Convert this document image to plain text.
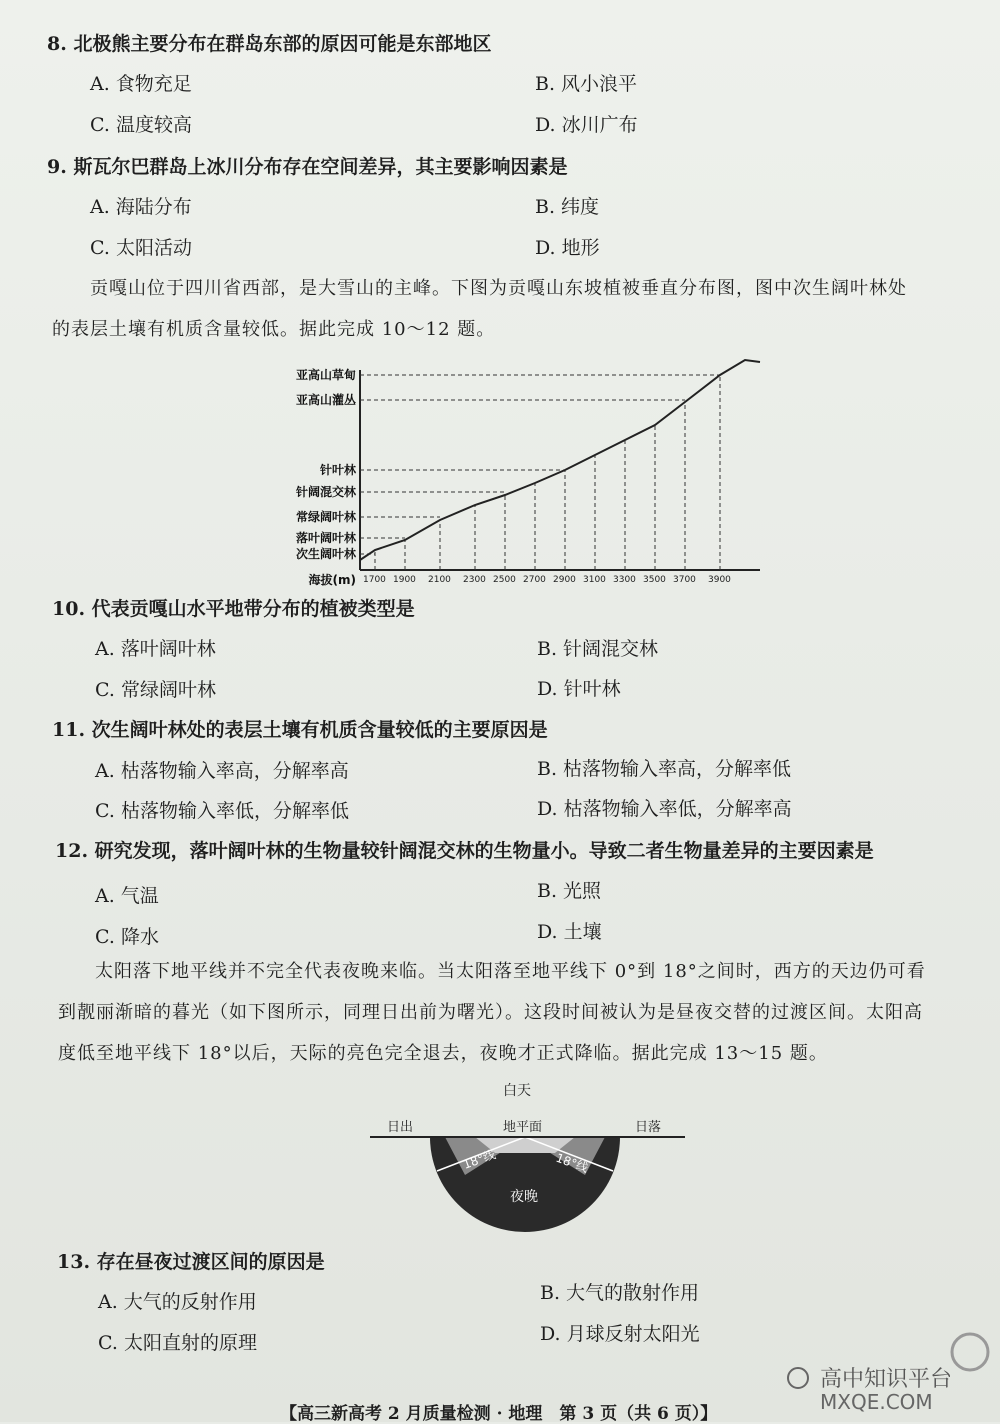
8. 北极熊主要分布在群岛东部的原因可能是东部地区
A. 食物充足	B. 风小浪平
C. 温度较高	D. 冰川广布
9. 斯瓦尔巴群岛上冰川分布存在空间差异，其主要影响因素是
A. 海陆分布	B. 纬度
C. 太阳活动	D. 地形
贡嘎山位于四川省西部，是大雪山的主峰。下图为贡嘎山东坡植被垂直分布图，图中次生阔叶林处
的表层土壤有机质含量较低。据此完成 10～12 题。
1700 1900 2100 2300 2500 2700 2900 3100 3300 3500 3700 3900
亚高山草甸
亚高山灌丛
针叶林
针阔混交林
常绿阔叶林
落叶阔叶林
次生阔叶林
海拔(m)
10. 代表贡嘎山水平地带分布的植被类型是
A. 落叶阔叶林	B. 针阔混交林
C. 常绿阔叶林	D. 针叶林
11. 次生阔叶林处的表层土壤有机质含量较低的主要原因是
A. 枯落物输入率高，分解率高	B. 枯落物输入率高，分解率低
C. 枯落物输入率低，分解率低	D. 枯落物输入率低，分解率高
12. 研究发现，落叶阔叶林的生物量较针阔混交林的生物量小。导致二者生物量差异的主要因素是
A. 气温	B. 光照
C. 降水	D. 土壤
太阳落下地平线并不完全代表夜晚来临。当太阳落至地平线下 0°到 18°之间时，西方的天边仍可看
到靓丽渐暗的暮光（如下图所示，同理日出前为曙光）。这段时间被认为是昼夜交替的过渡区间。太阳高
度低至地平线下 18°以后，天际的亮色完全退去，夜晚才正式降临。据此完成 13～15 题。
白天
日出	地平面	日落
18°线	18°线
夜晚
13. 存在昼夜过渡区间的原因是
A. 大气的反射作用	B. 大气的散射作用
C. 太阳直射的原理	D. 月球反射太阳光
高中知识平台
MXQE.COM
【高三新高考 2 月质量检测 · 地理　第 3 页（共 6 页）】
